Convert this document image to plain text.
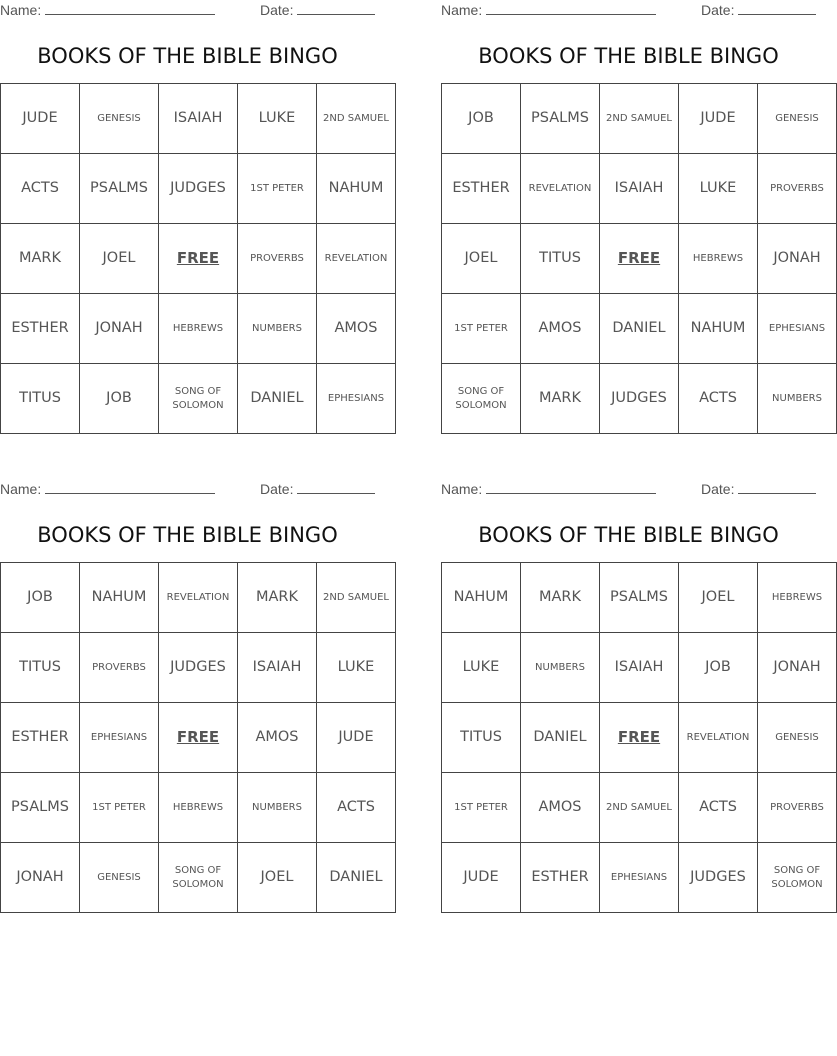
Name:	Date:
BOOKS OF THE BIBLE BINGO
JUDE	GENESIS	ISAIAH	LUKE	2ND SAMUEL
ACTS	PSALMS	JUDGES	1ST PETER	NAHUM
MARK	JOEL	FREE	PROVERBS	REVELATION
ESTHER	JONAH	HEBREWS	NUMBERS	AMOS
TITUS	JOB	SONG OF SOLOMON	DANIEL	EPHESIANS
Name:	Date:
BOOKS OF THE BIBLE BINGO
JOB	PSALMS	2ND SAMUEL	JUDE	GENESIS
ESTHER	REVELATION	ISAIAH	LUKE	PROVERBS
JOEL	TITUS	FREE	HEBREWS	JONAH
1ST PETER	AMOS	DANIEL	NAHUM	EPHESIANS
SONG OF SOLOMON	MARK	JUDGES	ACTS	NUMBERS
Name:	Date:
BOOKS OF THE BIBLE BINGO
JOB	NAHUM	REVELATION	MARK	2ND SAMUEL
TITUS	PROVERBS	JUDGES	ISAIAH	LUKE
ESTHER	EPHESIANS	FREE	AMOS	JUDE
PSALMS	1ST PETER	HEBREWS	NUMBERS	ACTS
JONAH	GENESIS	SONG OF SOLOMON	JOEL	DANIEL
Name:	Date:
BOOKS OF THE BIBLE BINGO
NAHUM	MARK	PSALMS	JOEL	HEBREWS
LUKE	NUMBERS	ISAIAH	JOB	JONAH
TITUS	DANIEL	FREE	REVELATION	GENESIS
1ST PETER	AMOS	2ND SAMUEL	ACTS	PROVERBS
JUDE	ESTHER	EPHESIANS	JUDGES	SONG OF SOLOMON
